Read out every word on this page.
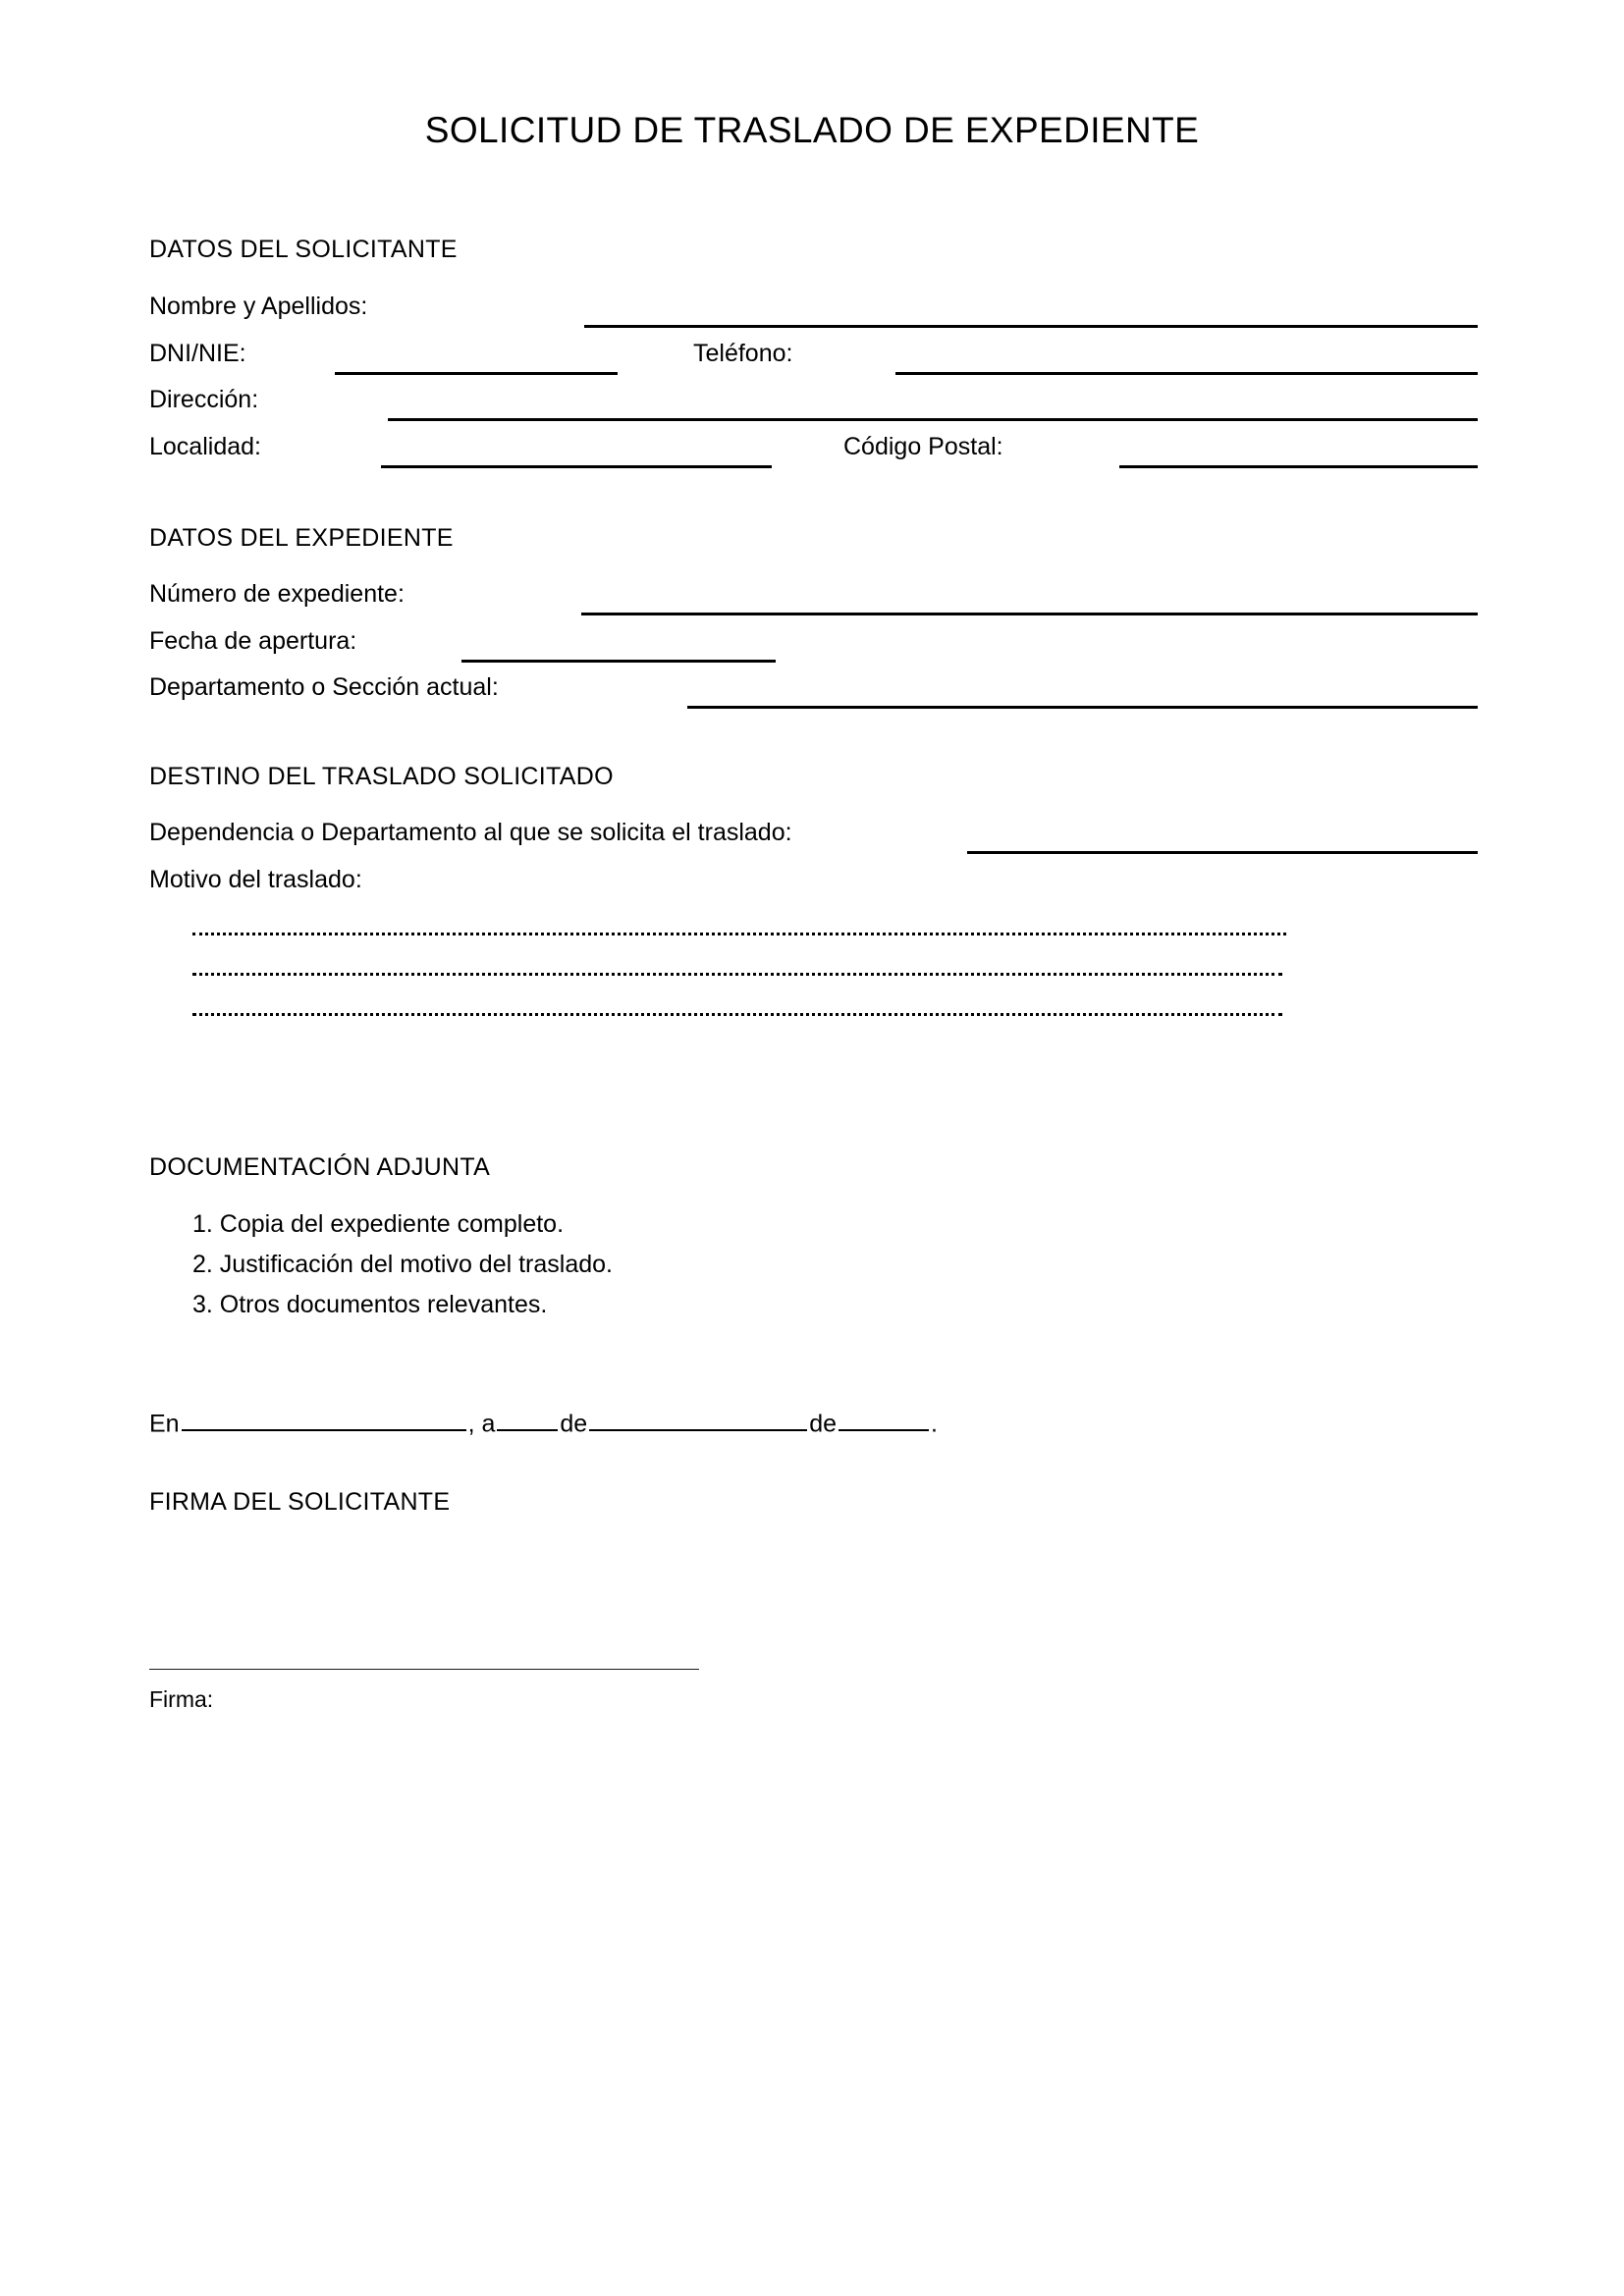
SOLICITUD DE TRASLADO DE EXPEDIENTE
DATOS DEL SOLICITANTE
Nombre y Apellidos:
DNI/NIE:	Teléfono:
Dirección:
Localidad:	Código Postal:
DATOS DEL EXPEDIENTE
Número de expediente:
Fecha de apertura:
Departamento o Sección actual:
DESTINO DEL TRASLADO SOLICITADO
Dependencia o Departamento al que se solicita el traslado:
Motivo del traslado:
DOCUMENTACIÓN ADJUNTA
1. Copia del expediente completo.
2. Justificación del motivo del traslado.
3. Otros documentos relevantes.
En	, a	de	de	.
FIRMA DEL SOLICITANTE
Firma:
